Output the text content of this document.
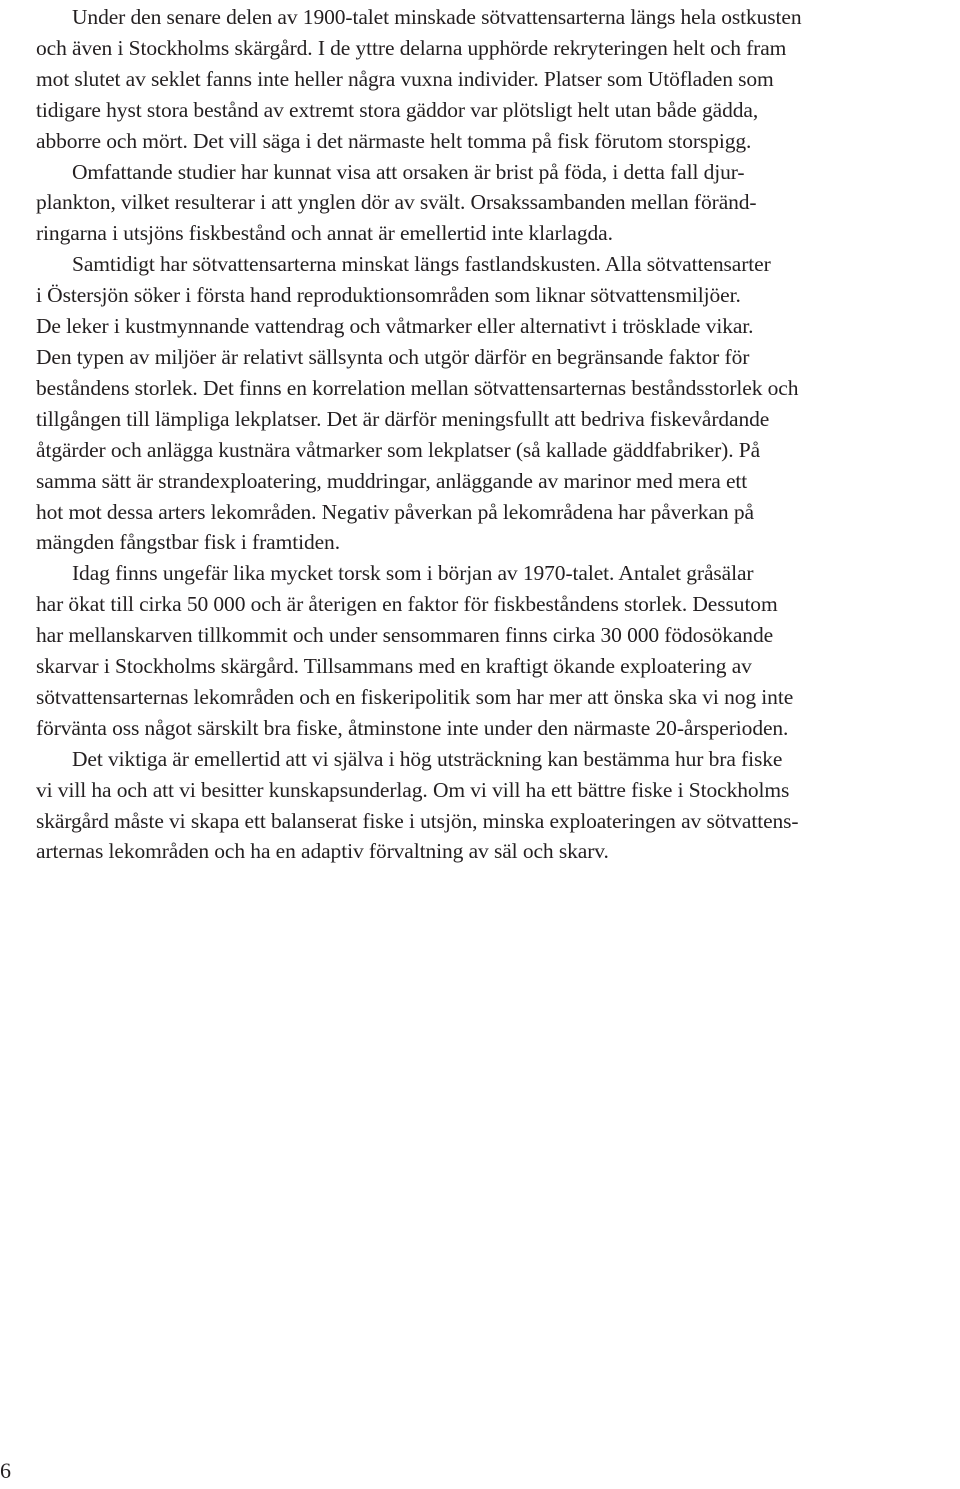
Under den senare delen av 1900-talet minskade sötvattensarterna längs hela ostkusten
och även i Stockholms skärgård. I de yttre delarna upphörde rekryteringen helt och fram
mot slutet av seklet fanns inte heller några vuxna individer. Platser som Utöfladen som
tidigare hyst stora bestånd av extremt stora gäddor var plötsligt helt utan både gädda,
abborre och mört. Det vill säga i det närmaste helt tomma på fisk förutom storspigg.
Omfattande studier har kunnat visa att orsaken är brist på föda, i detta fall djur-
plankton, vilket resulterar i att ynglen dör av svält. Orsakssambanden mellan föränd-
ringarna i utsjöns fiskbestånd och annat är emellertid inte klarlagda.
Samtidigt har sötvattensarterna minskat längs fastlandskusten. Alla sötvattensarter
i Östersjön söker i första hand reproduktionsområden som liknar sötvattensmiljöer.
De leker i kustmynnande vattendrag och våtmarker eller alternativt i trösklade vikar.
Den typen av miljöer är relativt sällsynta och utgör därför en begränsande faktor för
beståndens storlek. Det finns en korrelation mellan sötvattensarternas beståndsstorlek och
tillgången till lämpliga lekplatser. Det är därför meningsfullt att bedriva fiskevårdande
åtgärder och anlägga kustnära våtmarker som lekplatser (så kallade gäddfabriker). På
samma sätt är strandexploatering, muddringar, anläggande av marinor med mera ett
hot mot dessa arters lekområden. Negativ påverkan på lekområdena har påverkan på
mängden fångstbar fisk i framtiden.
Idag finns ungefär lika mycket torsk som i början av 1970-talet. Antalet gråsälar
har ökat till cirka 50 000 och är återigen en faktor för fiskbeståndens storlek. Dessutom
har mellanskarven tillkommit och under sensommaren finns cirka 30 000 födosökande
skarvar i Stockholms skärgård. Tillsammans med en kraftigt ökande exploatering av
sötvattensarternas lekområden och en fiskeripolitik som har mer att önska ska vi nog inte
förvänta oss något särskilt bra fiske, åtminstone inte under den närmaste 20-årsperioden.
Det viktiga är emellertid att vi själva i hög utsträckning kan bestämma hur bra fiske
vi vill ha och att vi besitter kunskapsunderlag. Om vi vill ha ett bättre fiske i Stockholms
skärgård måste vi skapa ett balanserat fiske i utsjön, minska exploateringen av sötvattens-
arternas lekområden och ha en adaptiv förvaltning av säl och skarv.

6
